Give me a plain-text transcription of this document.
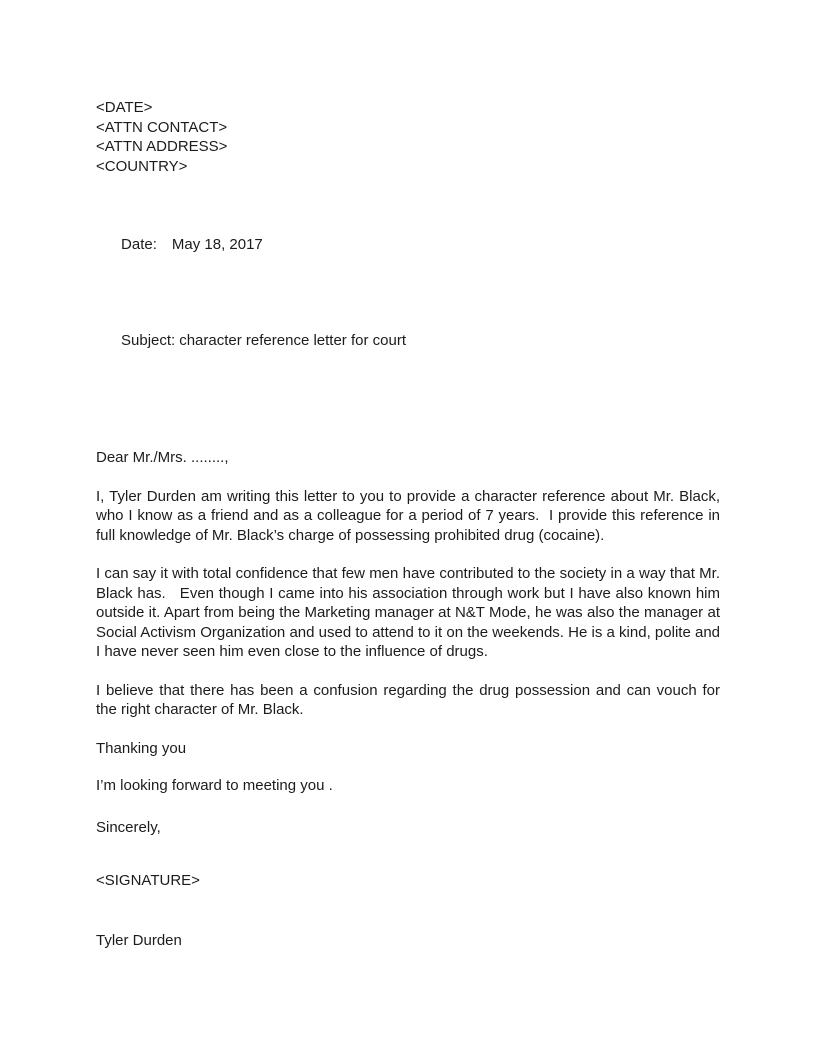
<DATE>
<ATTN CONTACT>
<ATTN ADDRESS>
<COUNTRY>

Date: May 18, 2017

Subject: character reference letter for court

Dear Mr./Mrs. ........,

I, Tyler Durden am writing this letter to you to provide a character reference about Mr. Black, who I know as a friend and as a colleague for a period of 7 years.  I provide this reference in full knowledge of Mr. Black’s charge of possessing prohibited drug (cocaine).

I can say it with total confidence that few men have contributed to the society in a way that Mr. Black has.   Even though I came into his association through work but I have also known him outside it. Apart from being the Marketing manager at N&T Mode, he was also the manager at Social Activism Organization and used to attend to it on the weekends. He is a kind, polite and I have never seen him even close to the influence of drugs.

I believe that there has been a confusion regarding the drug possession and can vouch for the right character of Mr. Black.

Thanking you
I’m looking forward to meeting you .
Sincerely,
<SIGNATURE>
Tyler Durden
